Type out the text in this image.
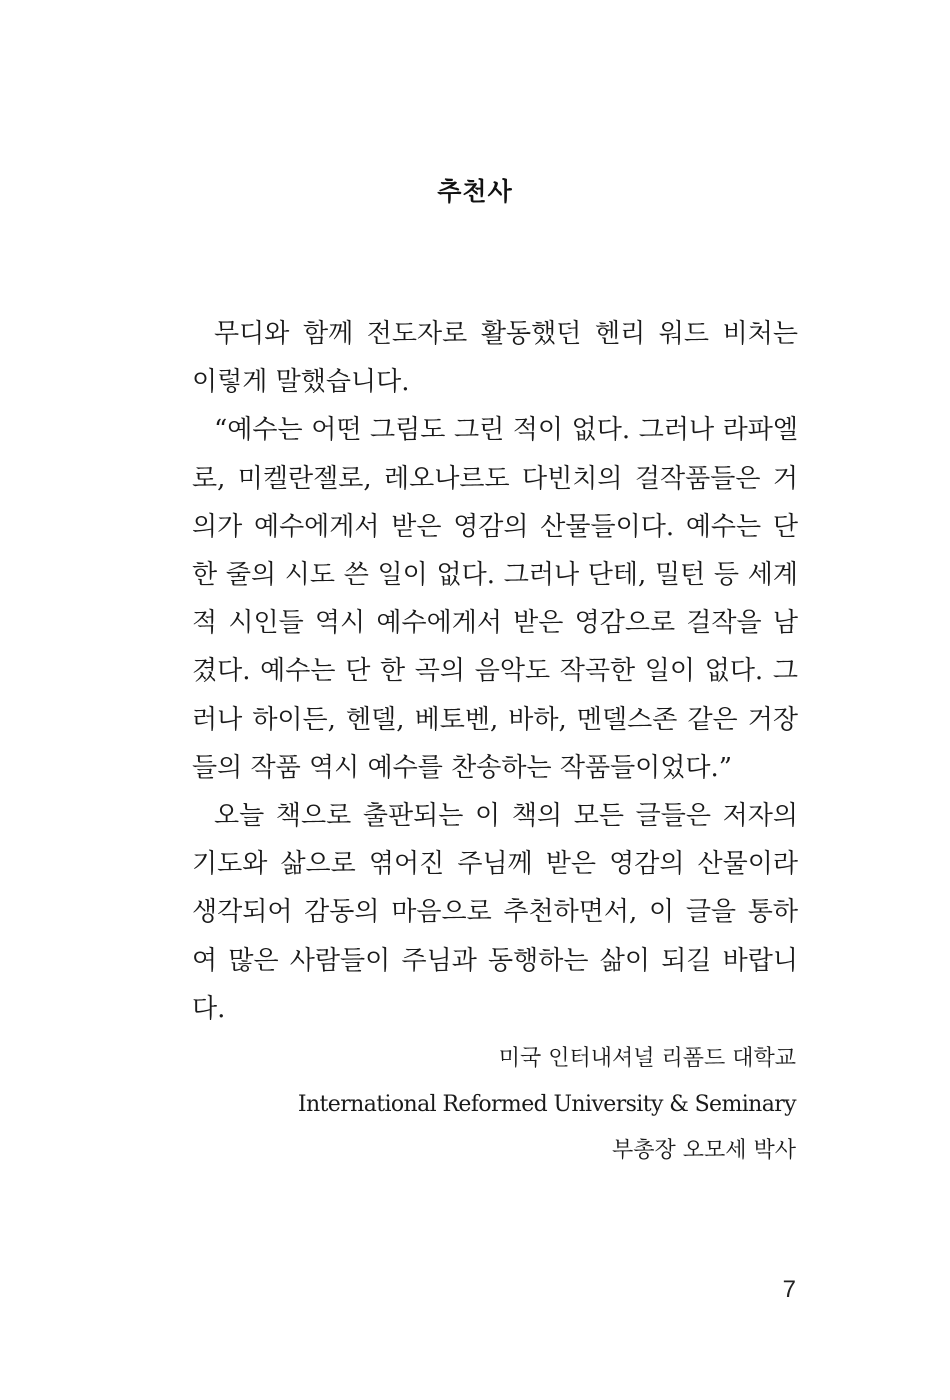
추천사

무디와 함께 전도자로 활동했던 헨리 워드 비처는 이렇게 말했습니다.

“예수는 어떤 그림도 그린 적이 없다. 그러나 라파엘로, 미켈란젤로, 레오나르도 다빈치의 걸작품들은 거의가 예수에게서 받은 영감의 산물들이다. 예수는 단 한 줄의 시도 쓴 일이 없다. 그러나 단테, 밀턴 등 세계적 시인들 역시 예수에게서 받은 영감으로 걸작을 남겼다. 예수는 단 한 곡의 음악도 작곡한 일이 없다. 그러나 하이든, 헨델, 베토벤, 바하, 멘델스존 같은 거장들의 작품 역시 예수를 찬송하는 작품들이었다.”

오늘 책으로 출판되는 이 책의 모든 글들은 저자의 기도와 삶으로 엮어진 주님께 받은 영감의 산물이라 생각되어 감동의 마음으로 추천하면서, 이 글을 통하여 많은 사람들이 주님과 동행하는 삶이 되길 바랍니다.

미국 인터내셔널 리폼드 대학교
International Reformed University & Seminary
부총장 오모세 박사
7
